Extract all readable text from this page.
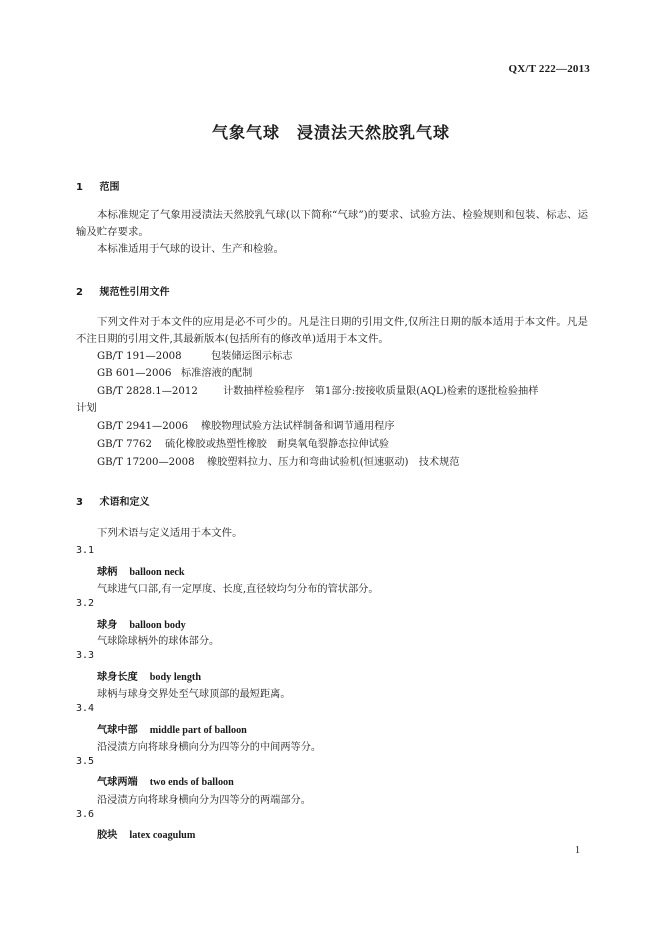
QX/T 222—2013
气象气球　浸渍法天然胶乳气球
1 范围
本标准规定了气象用浸渍法天然胶乳气球(以下简称“气球”)的要求、试验方法、检验规则和包装、标志、运输及贮存要求。
本标准适用于气球的设计、生产和检验。
2 规范性引用文件
下列文件对于本文件的应用是必不可少的。凡是注日期的引用文件,仅所注日期的版本适用于本文件。凡是不注日期的引用文件,其最新版本(包括所有的修改单)适用于本文件。
GB/T 191—2008	包装储运图示标志
GB 601—2006 标准溶液的配制
GB/T 2828.1—2012 计数抽样检验程序　第1部分:按接收质量限(AQL)检索的逐批检验抽样
计划
GB/T 2941—2006 橡胶物理试验方法试样制备和调节通用程序
GB/T 7762 硫化橡胶或热塑性橡胶　耐臭氧龟裂静态拉伸试验
GB/T 17200—2008 橡胶塑料拉力、压力和弯曲试验机(恒速驱动)　技术规范
3 术语和定义
下列术语与定义适用于本文件。
3.1
球柄 balloon neck
气球进气口部,有一定厚度、长度,直径较均匀分布的管状部分。
3.2
球身 balloon body
气球除球柄外的球体部分。
3.3
球身长度 body length
球柄与球身交界处至气球顶部的最短距离。
3.4
气球中部 middle part of balloon
沿浸渍方向将球身横向分为四等分的中间两等分。
3.5
气球两端 two ends of balloon
沿浸渍方向将球身横向分为四等分的两端部分。
3.6
胶块 latex coagulum
1
